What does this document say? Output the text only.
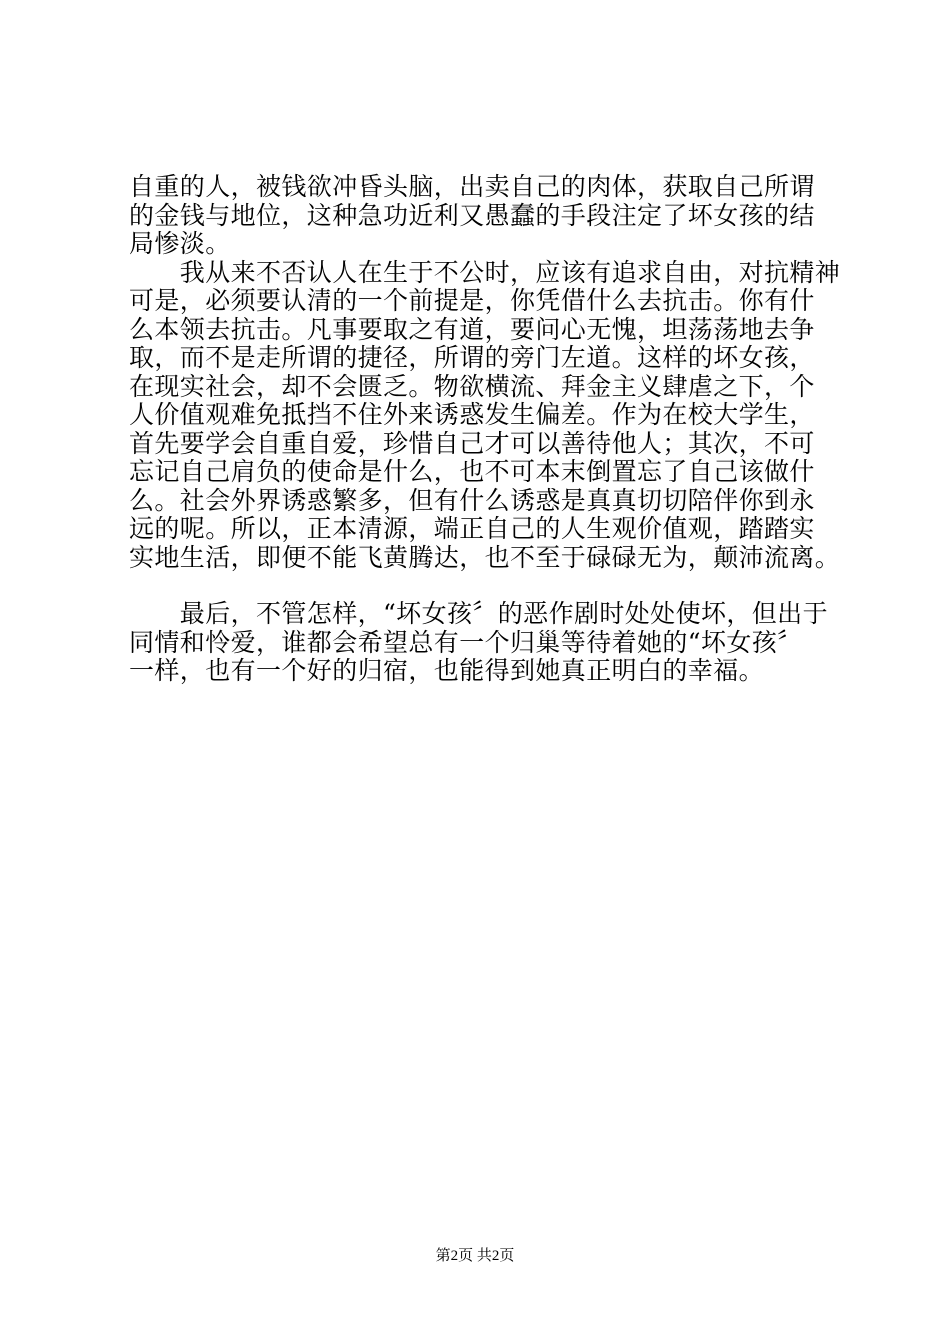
自重的人，被钱欲冲昏头脑，出卖自己的肉体，获取自己所谓
的金钱与地位，这种急功近利又愚蠢的手段注定了坏女孩的结
局惨淡。
　　我从来不否认人在生于不公时，应该有追求自由，对抗精神
可是，必须要认清的一个前提是，你凭借什么去抗击。你有什
么本领去抗击。凡事要取之有道，要问心无愧，坦荡荡地去争
取，而不是走所谓的捷径，所谓的旁门左道。这样的坏女孩，
在现实社会，却不会匮乏。物欲横流、拜金主义肆虐之下，个
人价值观难免抵挡不住外来诱惑发生偏差。作为在校大学生，
首先要学会自重自爱，珍惜自己才可以善待他人；其次，不可
忘记自己肩负的使命是什么，也不可本末倒置忘了自己该做什
么。社会外界诱惑繁多，但有什么诱惑是真真切切陪伴你到永
远的呢。所以，正本清源，端正自己的人生观价值观，踏踏实
实地生活，即便不能飞黄腾达，也不至于碌碌无为，颠沛流离。
　　最后，不管怎样，“坏女孩〞的恶作剧时处处使坏，但出于
同情和怜爱，谁都会希望总有一个归巢等待着她的“坏女孩〞
一样，也有一个好的归宿，也能得到她真正明白的幸福。
第2页 共2页
